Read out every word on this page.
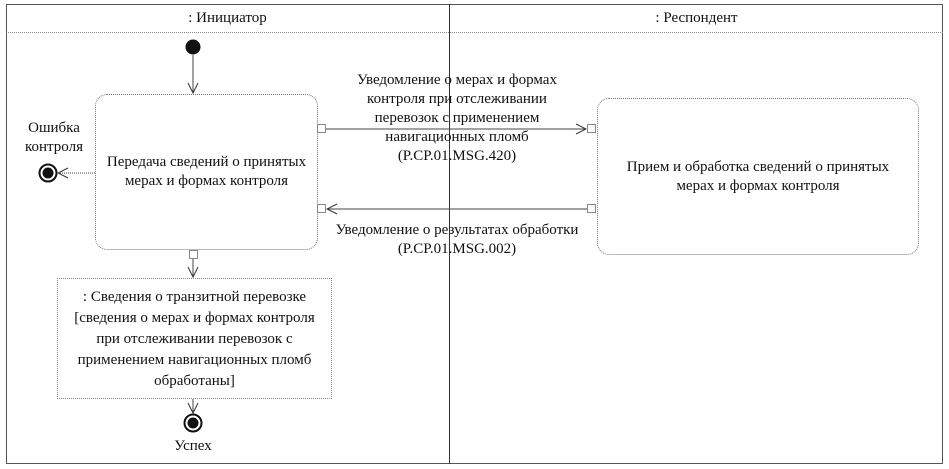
: Инициатор	: Респондент
Передача сведений о принятых
мерах и формах контроля
Прием и обработка сведений о принятых
мерах и формах контроля
Уведомление о мерах и формах
контроля при отслеживании
перевозок с применением
навигационных пломб
(P.CP.01.MSG.420)
Уведомление о результатах обработки
(P.CP.01.MSG.002)
Ошибка
контроля
: Сведения о транзитной перевозке
[сведения о мерах и формах контроля
при отслеживании перевозок с
применением навигационных пломб
обработаны]
Успех
